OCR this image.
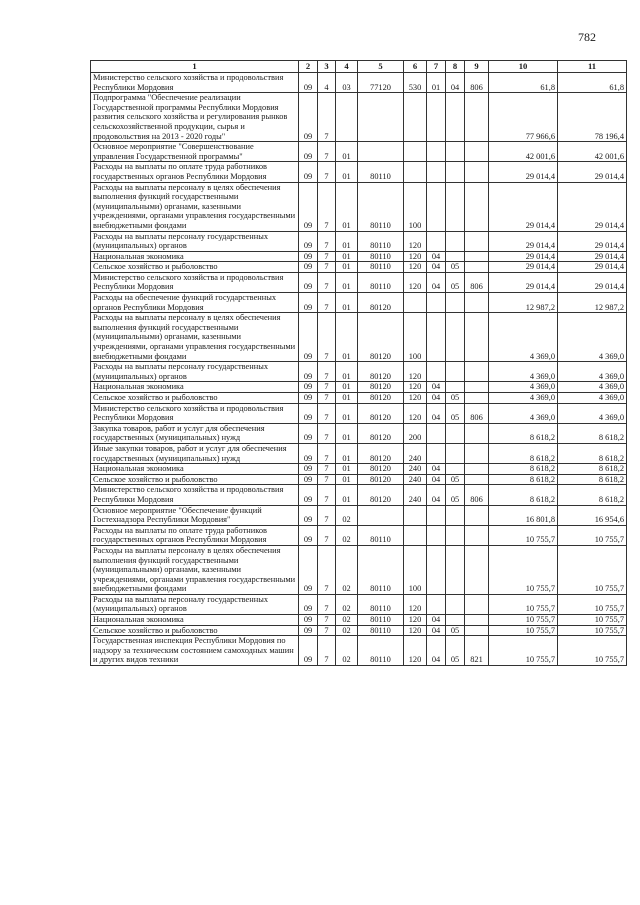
782
1	2	3	4	5	6	7	8	9	10	11
Министерство сельского хозяйства и продовольствия Республики Мордовия	09	4	03	77120	530	01	04	806	61,8	61,8
Подпрограмма "Обеспечение реализации Государственной программы Республики Мордовия развития сельского хозяйства и регулирования рынков сельскохозяйственной продукции, сырья и продовольствия на 2013 - 2020 годы"	09	7							77 966,6	78 196,4
Основное мероприятие "Совершенствование управления Государственной программы"	09	7	01						42 001,6	42 001,6
Расходы на выплаты по оплате труда работников государственных органов Республики Мордовия	09	7	01	80110					29 014,4	29 014,4
Расходы на выплаты персоналу в целях обеспечения выполнения функций государственными (муниципальными) органами, казенными учреждениями, органами управления государственными внебюджетными фондами	09	7	01	80110	100				29 014,4	29 014,4
Расходы на выплаты персоналу государственных (муниципальных) органов	09	7	01	80110	120				29 014,4	29 014,4
Национальная экономика	09	7	01	80110	120	04			29 014,4	29 014,4
Сельское хозяйство и рыболовство	09	7	01	80110	120	04	05		29 014,4	29 014,4
Министерство сельского хозяйства и продовольствия Республики Мордовия	09	7	01	80110	120	04	05	806	29 014,4	29 014,4
Расходы на обеспечение функций государственных органов Республики Мордовия	09	7	01	80120					12 987,2	12 987,2
Расходы на выплаты персоналу в целях обеспечения выполнения функций государственными (муниципальными) органами, казенными учреждениями, органами управления государственными внебюджетными фондами	09	7	01	80120	100				4 369,0	4 369,0
Расходы на выплаты персоналу государственных (муниципальных) органов	09	7	01	80120	120				4 369,0	4 369,0
Национальная экономика	09	7	01	80120	120	04			4 369,0	4 369,0
Сельское хозяйство и рыболовство	09	7	01	80120	120	04	05		4 369,0	4 369,0
Министерство сельского хозяйства и продовольствия Республики Мордовия	09	7	01	80120	120	04	05	806	4 369,0	4 369,0
Закупка товаров, работ и услуг для обеспечения государственных (муниципальных) нужд	09	7	01	80120	200				8 618,2	8 618,2
Иные закупки товаров, работ и услуг для обеспечения государственных (муниципальных) нужд	09	7	01	80120	240				8 618,2	8 618,2
Национальная экономика	09	7	01	80120	240	04			8 618,2	8 618,2
Сельское хозяйство и рыболовство	09	7	01	80120	240	04	05		8 618,2	8 618,2
Министерство сельского хозяйства и продовольствия Республики Мордовия	09	7	01	80120	240	04	05	806	8 618,2	8 618,2
Основное мероприятие "Обеспечение функций Гостехнадзора Республики Мордовия"	09	7	02						16 801,8	16 954,6
Расходы на выплаты по оплате труда работников государственных органов Республики Мордовия	09	7	02	80110					10 755,7	10 755,7
Расходы на выплаты персоналу в целях обеспечения выполнения функций государственными (муниципальными) органами, казенными учреждениями, органами управления государственными внебюджетными фондами	09	7	02	80110	100				10 755,7	10 755,7
Расходы на выплаты персоналу государственных (муниципальных) органов	09	7	02	80110	120				10 755,7	10 755,7
Национальная экономика	09	7	02	80110	120	04			10 755,7	10 755,7
Сельское хозяйство и рыболовство	09	7	02	80110	120	04	05		10 755,7	10 755,7
Государственная инспекция Республики Мордовия по надзору за техническим состоянием самоходных машин и других видов техники	09	7	02	80110	120	04	05	821	10 755,7	10 755,7
